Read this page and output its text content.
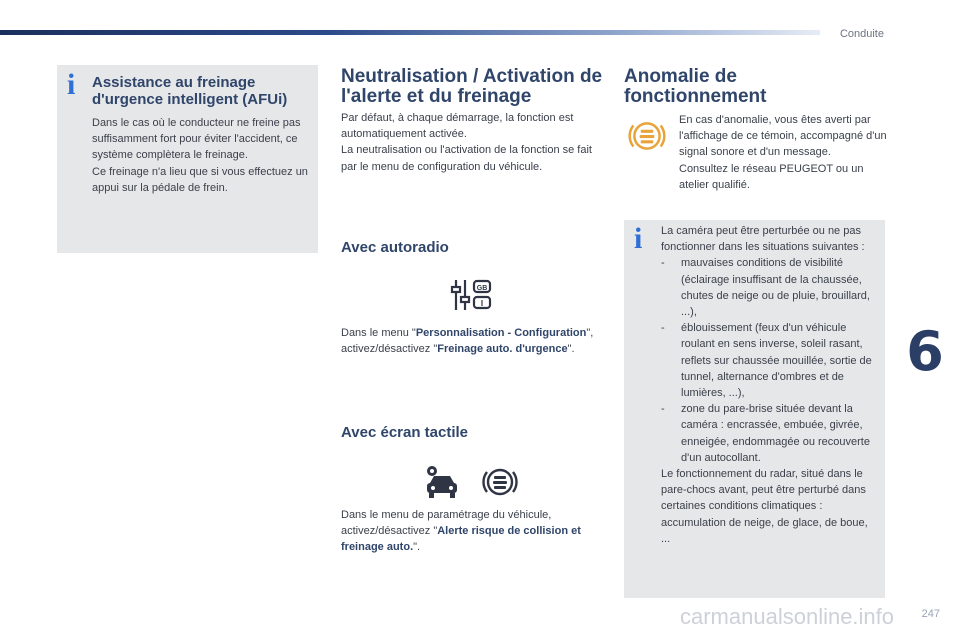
Conduite
i Assistance au freinage d'urgence intelligent (AFUi)

Dans le cas où le conducteur ne freine pas suffisamment fort pour éviter l'accident, ce système complètera le freinage.

Ce freinage n'a lieu que si vous effectuez un appui sur la pédale de frein.

Neutralisation / Activation de l'alerte et du freinage

Par défaut, à chaque démarrage, la fonction est automatiquement activée.

La neutralisation ou l'activation de la fonction se fait par le menu de configuration du véhicule.

Avec autoradio
GB
I
Dans le menu "Personnalisation - Configuration", activez/désactivez "Freinage auto. d'urgence".
Avec écran tactile
Dans le menu de paramétrage du véhicule, activez/désactivez "Alerte risque de collision et freinage auto.".
Anomalie de fonctionnement

En cas d'anomalie, vous êtes averti par l'affichage de ce témoin, accompagné d'un signal sonore et d'un message.

Consultez le réseau PEUGEOT ou un atelier qualifié.

i La caméra peut être perturbée ou ne pas fonctionner dans les situations suivantes :

- mauvaises conditions de visibilité (éclairage insuffisant de la chaussée, chutes de neige ou de pluie, brouillard, ...),
- éblouissement (feux d'un véhicule roulant en sens inverse, soleil rasant, reflets sur chaussée mouillée, sortie de tunnel, alternance d'ombres et de lumières, ...),
- zone du pare-brise située devant la caméra : encrassée, embuée, givrée, enneigée, endommagée ou recouverte d'un autocollant.

Le fonctionnement du radar, situé dans le pare-chocs avant, peut être perturbé dans certaines conditions climatiques : accumulation de neige, de glace, de boue, ...

6
carmanualsonline.info	247
